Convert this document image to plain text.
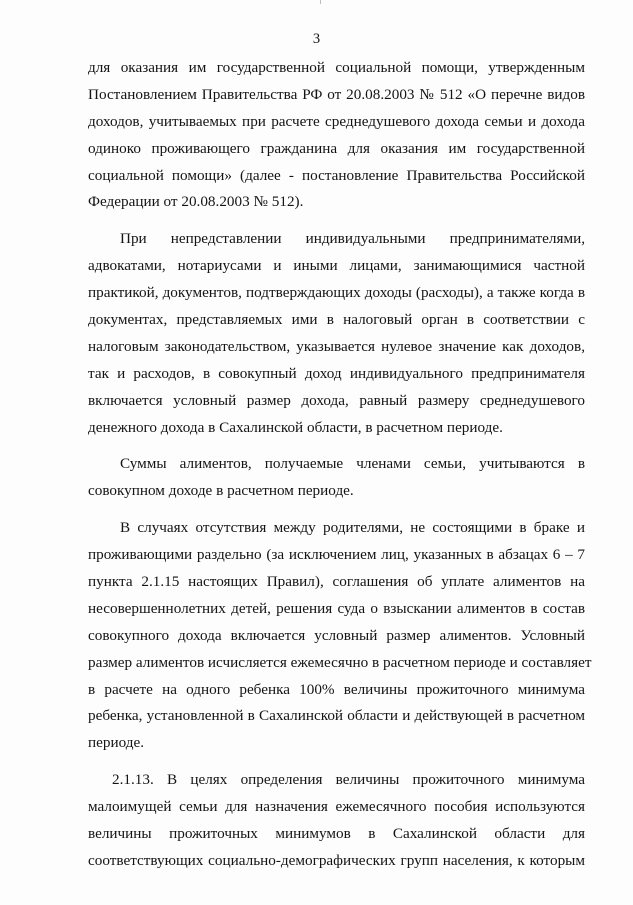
3

для оказания им государственной социальной помощи, утвержденным
Постановлением Правительства РФ от 20.08.2003 № 512 «О перечне видов
доходов, учитываемых при расчете среднедушевого дохода семьи и дохода
одиноко проживающего гражданина для оказания им государственной
социальной помощи» (далее - постановление Правительства Российской
Федерации от 20.08.2003 № 512).

При непредставлении индивидуальными предпринимателями,
адвокатами, нотариусами и иными лицами, занимающимися частной
практикой, документов, подтверждающих доходы (расходы), а также когда в
документах, представляемых ими в налоговый орган в соответствии с
налоговым законодательством, указывается нулевое значение как доходов,
так и расходов, в совокупный доход индивидуального предпринимателя
включается условный размер дохода, равный размеру среднедушевого
денежного дохода в Сахалинской области, в расчетном периоде.

Суммы алиментов, получаемые членами семьи, учитываются в
совокупном доходе в расчетном периоде.

В случаях отсутствия между родителями, не состоящими в браке и
проживающими раздельно (за исключением лиц, указанных в абзацах 6 – 7
пункта 2.1.15 настоящих Правил), соглашения об уплате алиментов на
несовершеннолетних детей, решения суда о взыскании алиментов в состав
совокупного дохода включается условный размер алиментов. Условный
размер алиментов исчисляется ежемесячно в расчетном периоде и составляет
в расчете на одного ребенка 100% величины прожиточного минимума
ребенка, установленной в Сахалинской области и действующей в расчетном
периоде.

2.1.13. В целях определения величины прожиточного минимума
малоимущей семьи для назначения ежемесячного пособия используются
величины прожиточных минимумов в Сахалинской области для
соответствующих социально-демографических групп населения, к которым
